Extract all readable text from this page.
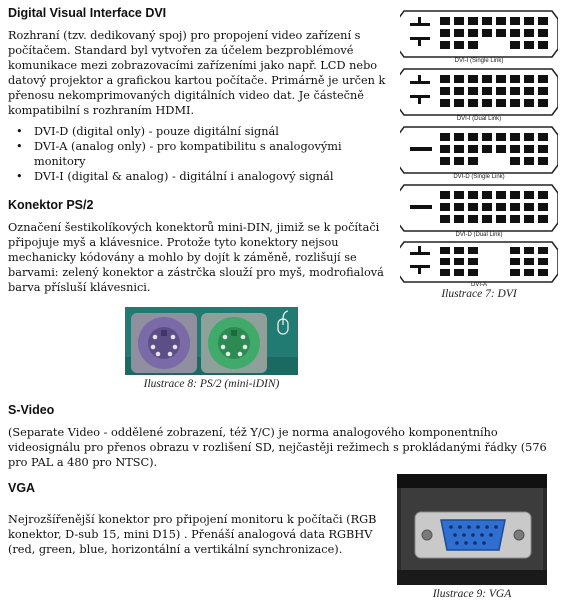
Digital Visual Interface DVI

Rozhraní (tzv. dedikovaný spoj) pro propojení video zařízení s počítačem. Standard byl vytvořen za účelem bezproblémové komunikace mezi zobrazovacími zařízeními jako např. LCD nebo datový projektor a grafickou kartou počítače. Primárně je určen k přenosu nekomprimovaných digitálních video dat. Je částečně kompatibilní s rozhraním HDMI.

• DVI-D (digital only) - pouze digitální signál
• DVI-A (analog only) - pro kompatibilitu s analogovými monitory
• DVI-I (digital & analog) - digitální i analogový signál
DVI-I (Single Link)
DVI-I (Dual Link)
DVI-D (Single Link)
DVI-D (Dual Link)
DVI-A
Ilustrace 7: DVI
Konektor PS/2

Označení šestikolíkových konektorů mini-DIN, jimiž se k počítači připojuje myš a klávesnice. Protože tyto konektory nejsou mechanicky kódovány a mohlo by dojít k záměně, rozlišují se barvami: zelený konektor a zástrčka slouží pro myš, modrofialová barva přísluší klávesnici.

Ilustrace 8: PS/2 (mini-iDIN)
S-Video

(Separate Video - oddělené zobrazení, též Y/C) je norma analogového komponentního videosignálu pro přenos obrazu v rozlišení SD, nejčastěji režimech s prokládanými řádky (576 pro PAL a 480 pro NTSC).

VGA

Nejrozšířenější konektor pro připojení monitoru k počítači (RGB konektor, D-sub 15, mini D15) . Přenáší analogová data RGBHV (red, green, blue, horizontální a vertikální synchronizace).

Ilustrace 9: VGA
